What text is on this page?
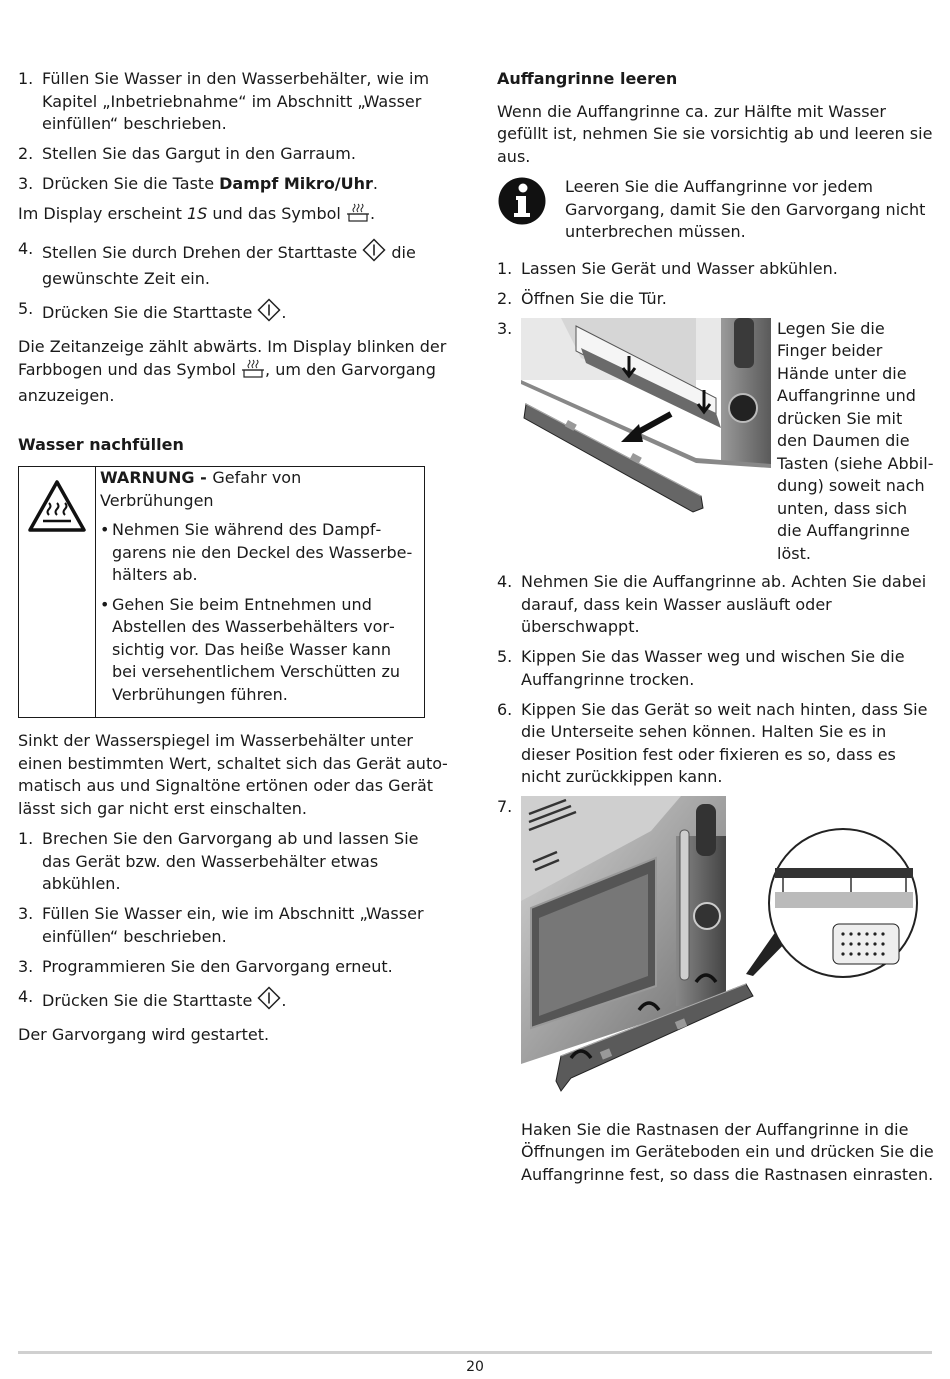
1. Füllen Sie Wasser in den Wasserbehälter, wie im Kapitel „Inbetriebnahme“ im Abschnitt „Wasser einfüllen“ beschrieben.
2. Stellen Sie das Gargut in den Garraum.
3. Drücken Sie die Taste Dampf Mikro/Uhr.

Im Display erscheint 1S und das Symbol .

4. Stellen Sie durch Drehen der Starttaste  die gewünschte Zeit ein.
5. Drücken Sie die Starttaste .

Die Zeitanzeige zählt abwärts. Im Display blinken der Farbbogen und das Symbol , um den Garvorgang anzuzeigen.

Wasser nachfüllen
WARNUNG - Gefahr von Verbrühungen
• Nehmen Sie während des Dampfgarens nie den Deckel des Wasserbehälters ab.
• Gehen Sie beim Entnehmen und Abstellen des Wasserbehälters vorsichtig vor. Das heiße Wasser kann bei versehentlichem Verschütten zu Verbrühungen führen.

Sinkt der Wasserspiegel im Wasserbehälter unter einen bestimmten Wert, schaltet sich das Gerät automatisch aus und Signaltöne ertönen oder das Gerät lässt sich gar nicht erst einschalten.

1. Brechen Sie den Garvorgang ab und lassen Sie das Gerät bzw. den Wasserbehälter etwas abkühlen.
3. Füllen Sie Wasser ein, wie im Abschnitt „Wasser einfüllen“ beschrieben.
3. Programmieren Sie den Garvorgang erneut.
4. Drücken Sie die Starttaste .

Der Garvorgang wird gestartet.

Auffangrinne leeren

Wenn die Auffangrinne ca. zur Hälfte mit Wasser gefüllt ist, nehmen Sie sie vorsichtig ab und leeren sie aus.

Leeren Sie die Auffangrinne vor jedem Garvorgang, damit Sie den Garvorgang nicht unterbrechen müssen.
1. Lassen Sie Gerät und Wasser abkühlen.
2. Öffnen Sie die Tür.
3.	Legen Sie die Finger beider Hände unter die Auffangrinne und drücken Sie mit den Daumen die Tasten (siehe Abbildung) soweit nach unten, dass sich die Auffangrinne löst.
4. Nehmen Sie die Auffangrinne ab. Achten Sie dabei darauf, dass kein Wasser ausläuft oder überschwappt.
5. Kippen Sie das Wasser weg und wischen Sie die Auffangrinne trocken.
6. Kippen Sie das Gerät so weit nach hinten, dass Sie die Unterseite sehen können. Halten Sie es in dieser Position fest oder fixieren es so, dass es nicht zurückkippen kann.
7.
Haken Sie die Rastnasen der Auffangrinne in die Öffnungen im Geräteboden ein und drücken Sie die Auffangrinne fest, so dass die Rastnasen einrasten.
20
